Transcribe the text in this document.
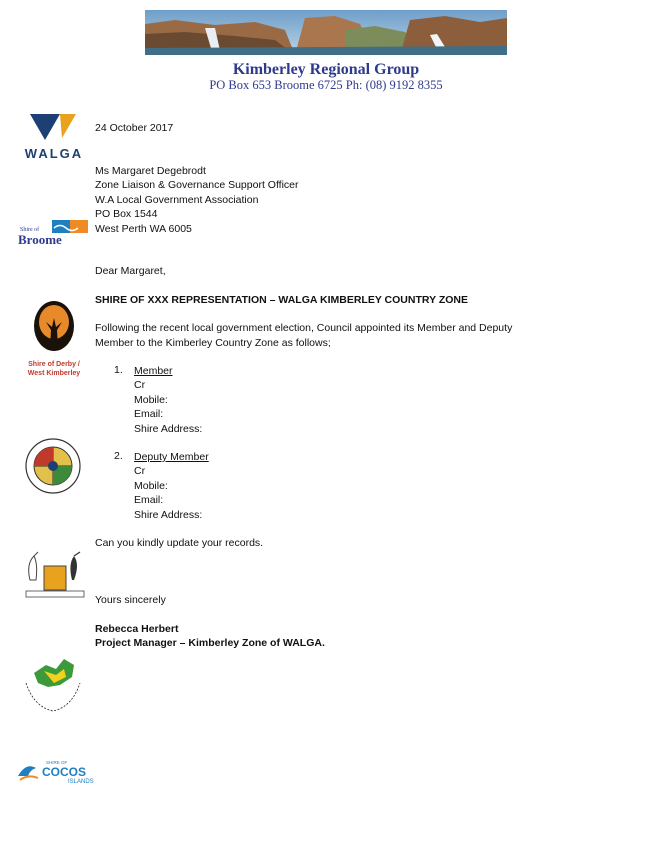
Kimberley Regional Group
PO Box 653 Broome 6725 Ph: (08) 9192 8355
WALGA
Shire of
Broome
Shire of Derby /
West Kimberley
SHIRE OF
COCOS
ISLANDS
24 October 2017
Ms Margaret Degebrodt
Zone Liaison & Governance Support Officer
W.A Local Government Association
PO Box 1544
West Perth WA 6005
Dear Margaret,
SHIRE OF XXX REPRESENTATION – WALGA KIMBERLEY COUNTRY ZONE
Following the recent local government election, Council appointed its Member and Deputy
Member to the Kimberley Country Zone as follows;
1. Member
Cr
Mobile:
Email:
Shire Address:
2. Deputy Member
Cr
Mobile:
Email:
Shire Address:
Can you kindly update your records.
Yours sincerely
Rebecca Herbert
Project Manager – Kimberley Zone of WALGA.
